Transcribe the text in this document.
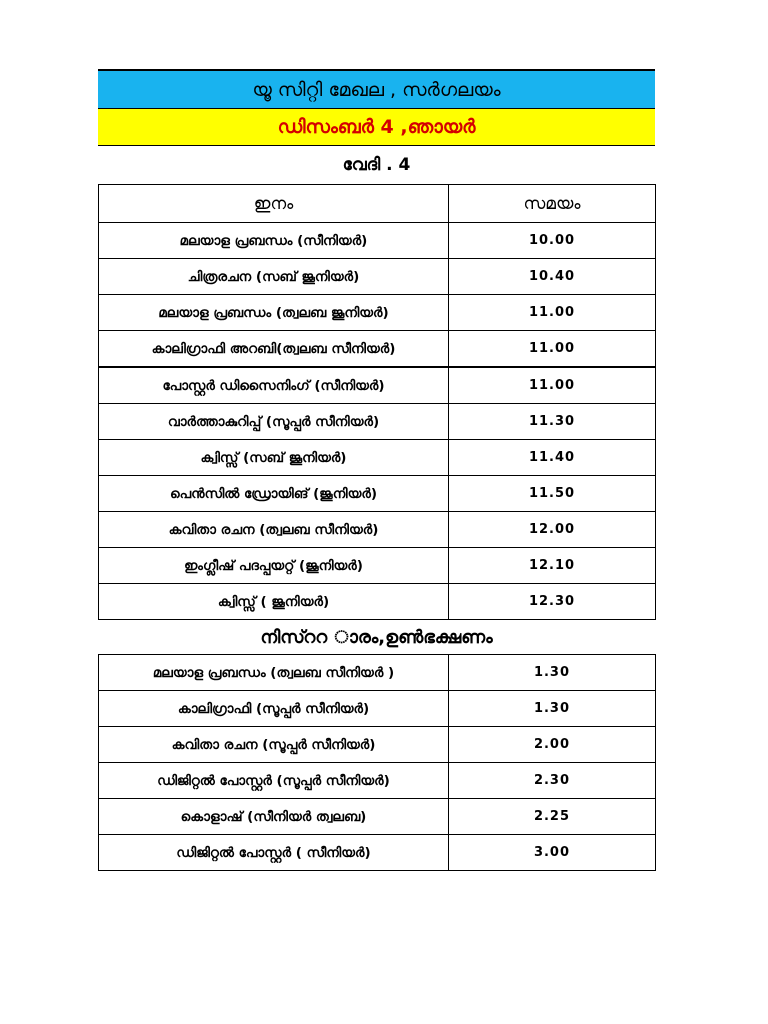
യൂ സിറ്റി മേഖല , സർഗലയം
ഡിസംബർ 4 ,ഞായർ
വേദി . 4
ഇനം	സമയം
മലയാള പ്രബന്ധം (സീനിയർ)	10.00
ചിത്രരചന (സബ് ജൂനിയർ)	10.40
മലയാള പ്രബന്ധം (ത്വലബ ജൂനിയർ)	11.00
കാലിഗ്രാഫി അറബി(ത്വലബ സീനിയർ)	11.00
പോസ്റ്റർ ഡിസൈനിംഗ് (സീനിയർ)	11.00
വാർത്താകുറിപ്പ് (സൂപ്പർ സീനിയർ)	11.30
ക്വിസ്സ് (സബ് ജൂനിയർ)	11.40
പെൻസിൽ ഡ്രോയിങ് (ജൂനിയർ)	11.50
കവിതാ രചന (ത്വലബ സീനിയർ)	12.00
ഇംഗ്ലീഷ് പദപ്പയറ്റ് (ജൂനിയർ)	12.10
ക്വിസ്സ് ( ജൂനിയർ)	12.30
നിസ്ററ ാരം,ഉൺഭക്ഷണം
മലയാള പ്രബന്ധം (ത്വലബ സീനിയർ )	1.30
കാലിഗ്രാഫി (സൂപ്പർ സീനിയർ)	1.30
കവിതാ രചന (സൂപ്പർ സീനിയർ)	2.00
ഡിജിറ്റൽ പോസ്റ്റർ (സൂപ്പർ സീനിയർ)	2.30
കൊളാഷ് (സീനിയർ ത്വലബ)	2.25
ഡിജിറ്റൽ പോസ്റ്റർ ( സീനിയർ)	3.00
